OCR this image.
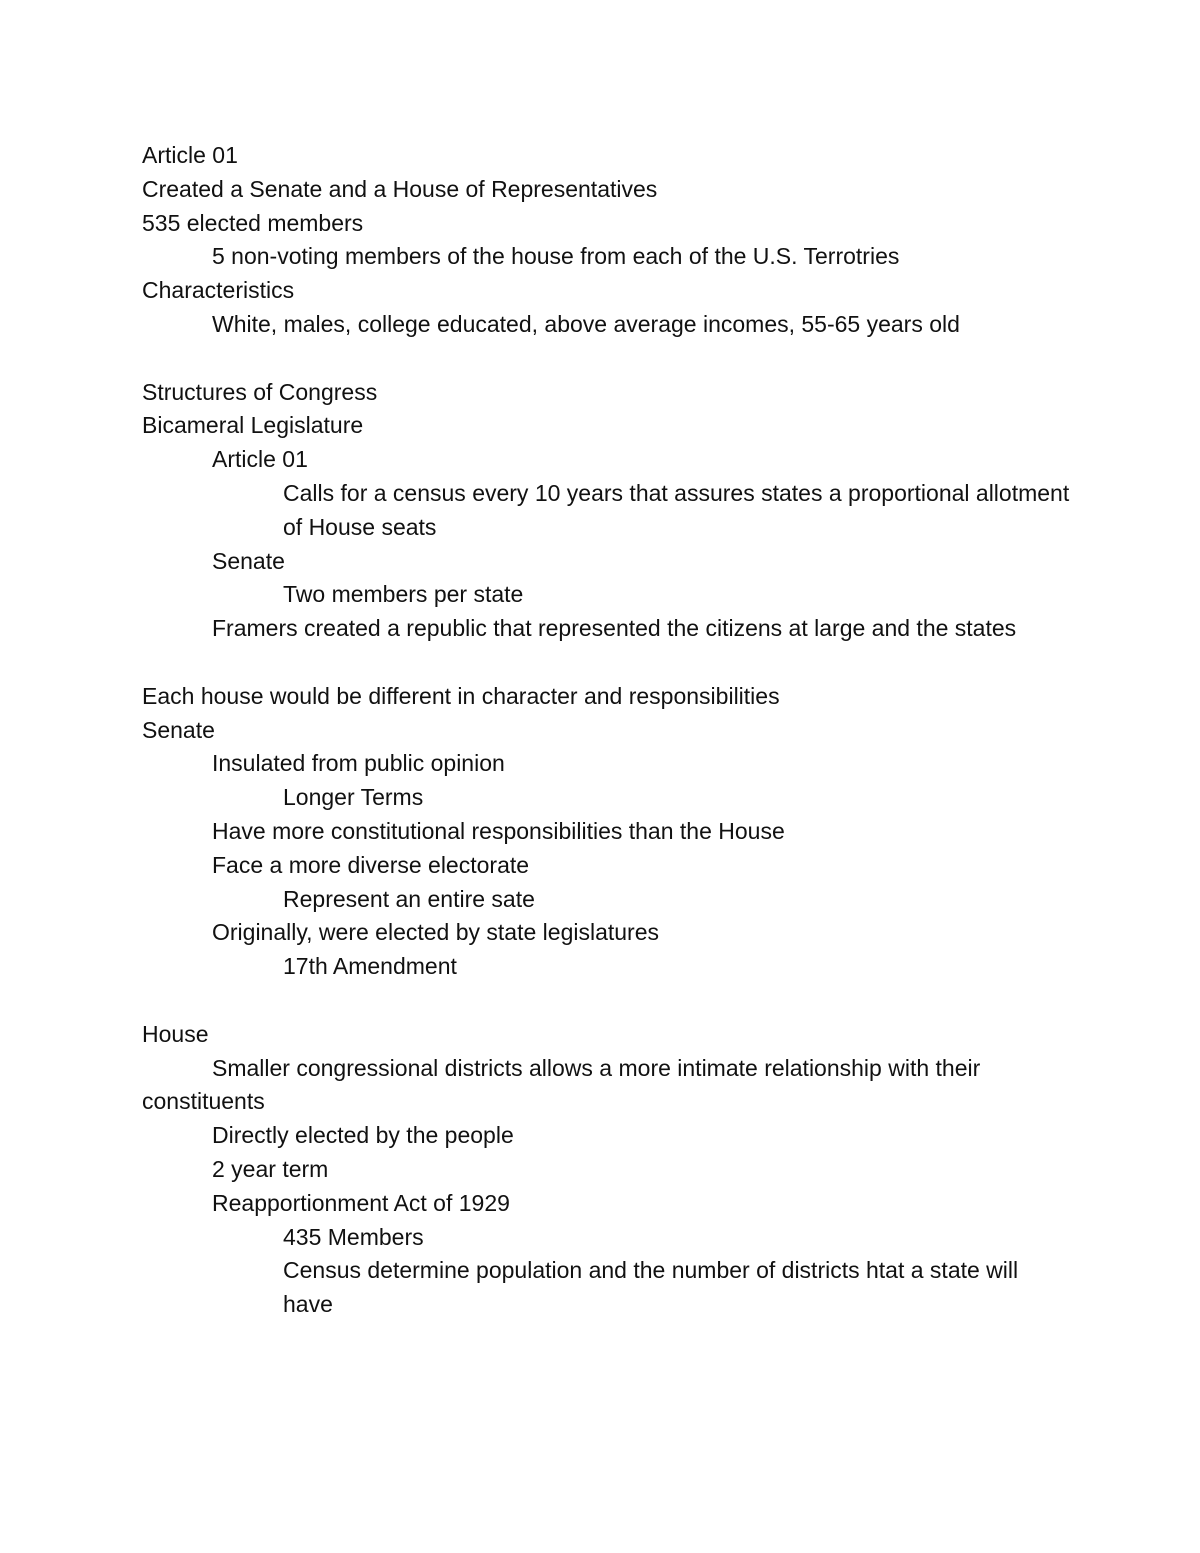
Article 01
Created a Senate and a House of Representatives
535 elected members
5 non-voting members of the house from each of the U.S. Terrotries
Characteristics
White, males, college educated, above average incomes, 55-65 years old
Structures of Congress
Bicameral Legislature
Article 01
Calls for a census every 10 years that assures states a proportional allotment of House seats
Senate
Two members per state
Framers created a republic that represented the citizens at large and the states
Each house would be different in character and responsibilities
Senate
Insulated from public opinion
Longer Terms
Have more constitutional responsibilities than the House
Face a more diverse electorate
Represent an entire sate
Originally, were elected by state legislatures
17th Amendment
House
Smaller congressional districts allows a more intimate relationship with their constituents
Directly elected by the people
2 year term
Reapportionment Act of 1929
435 Members
Census determine population and the number of districts htat a state will have
